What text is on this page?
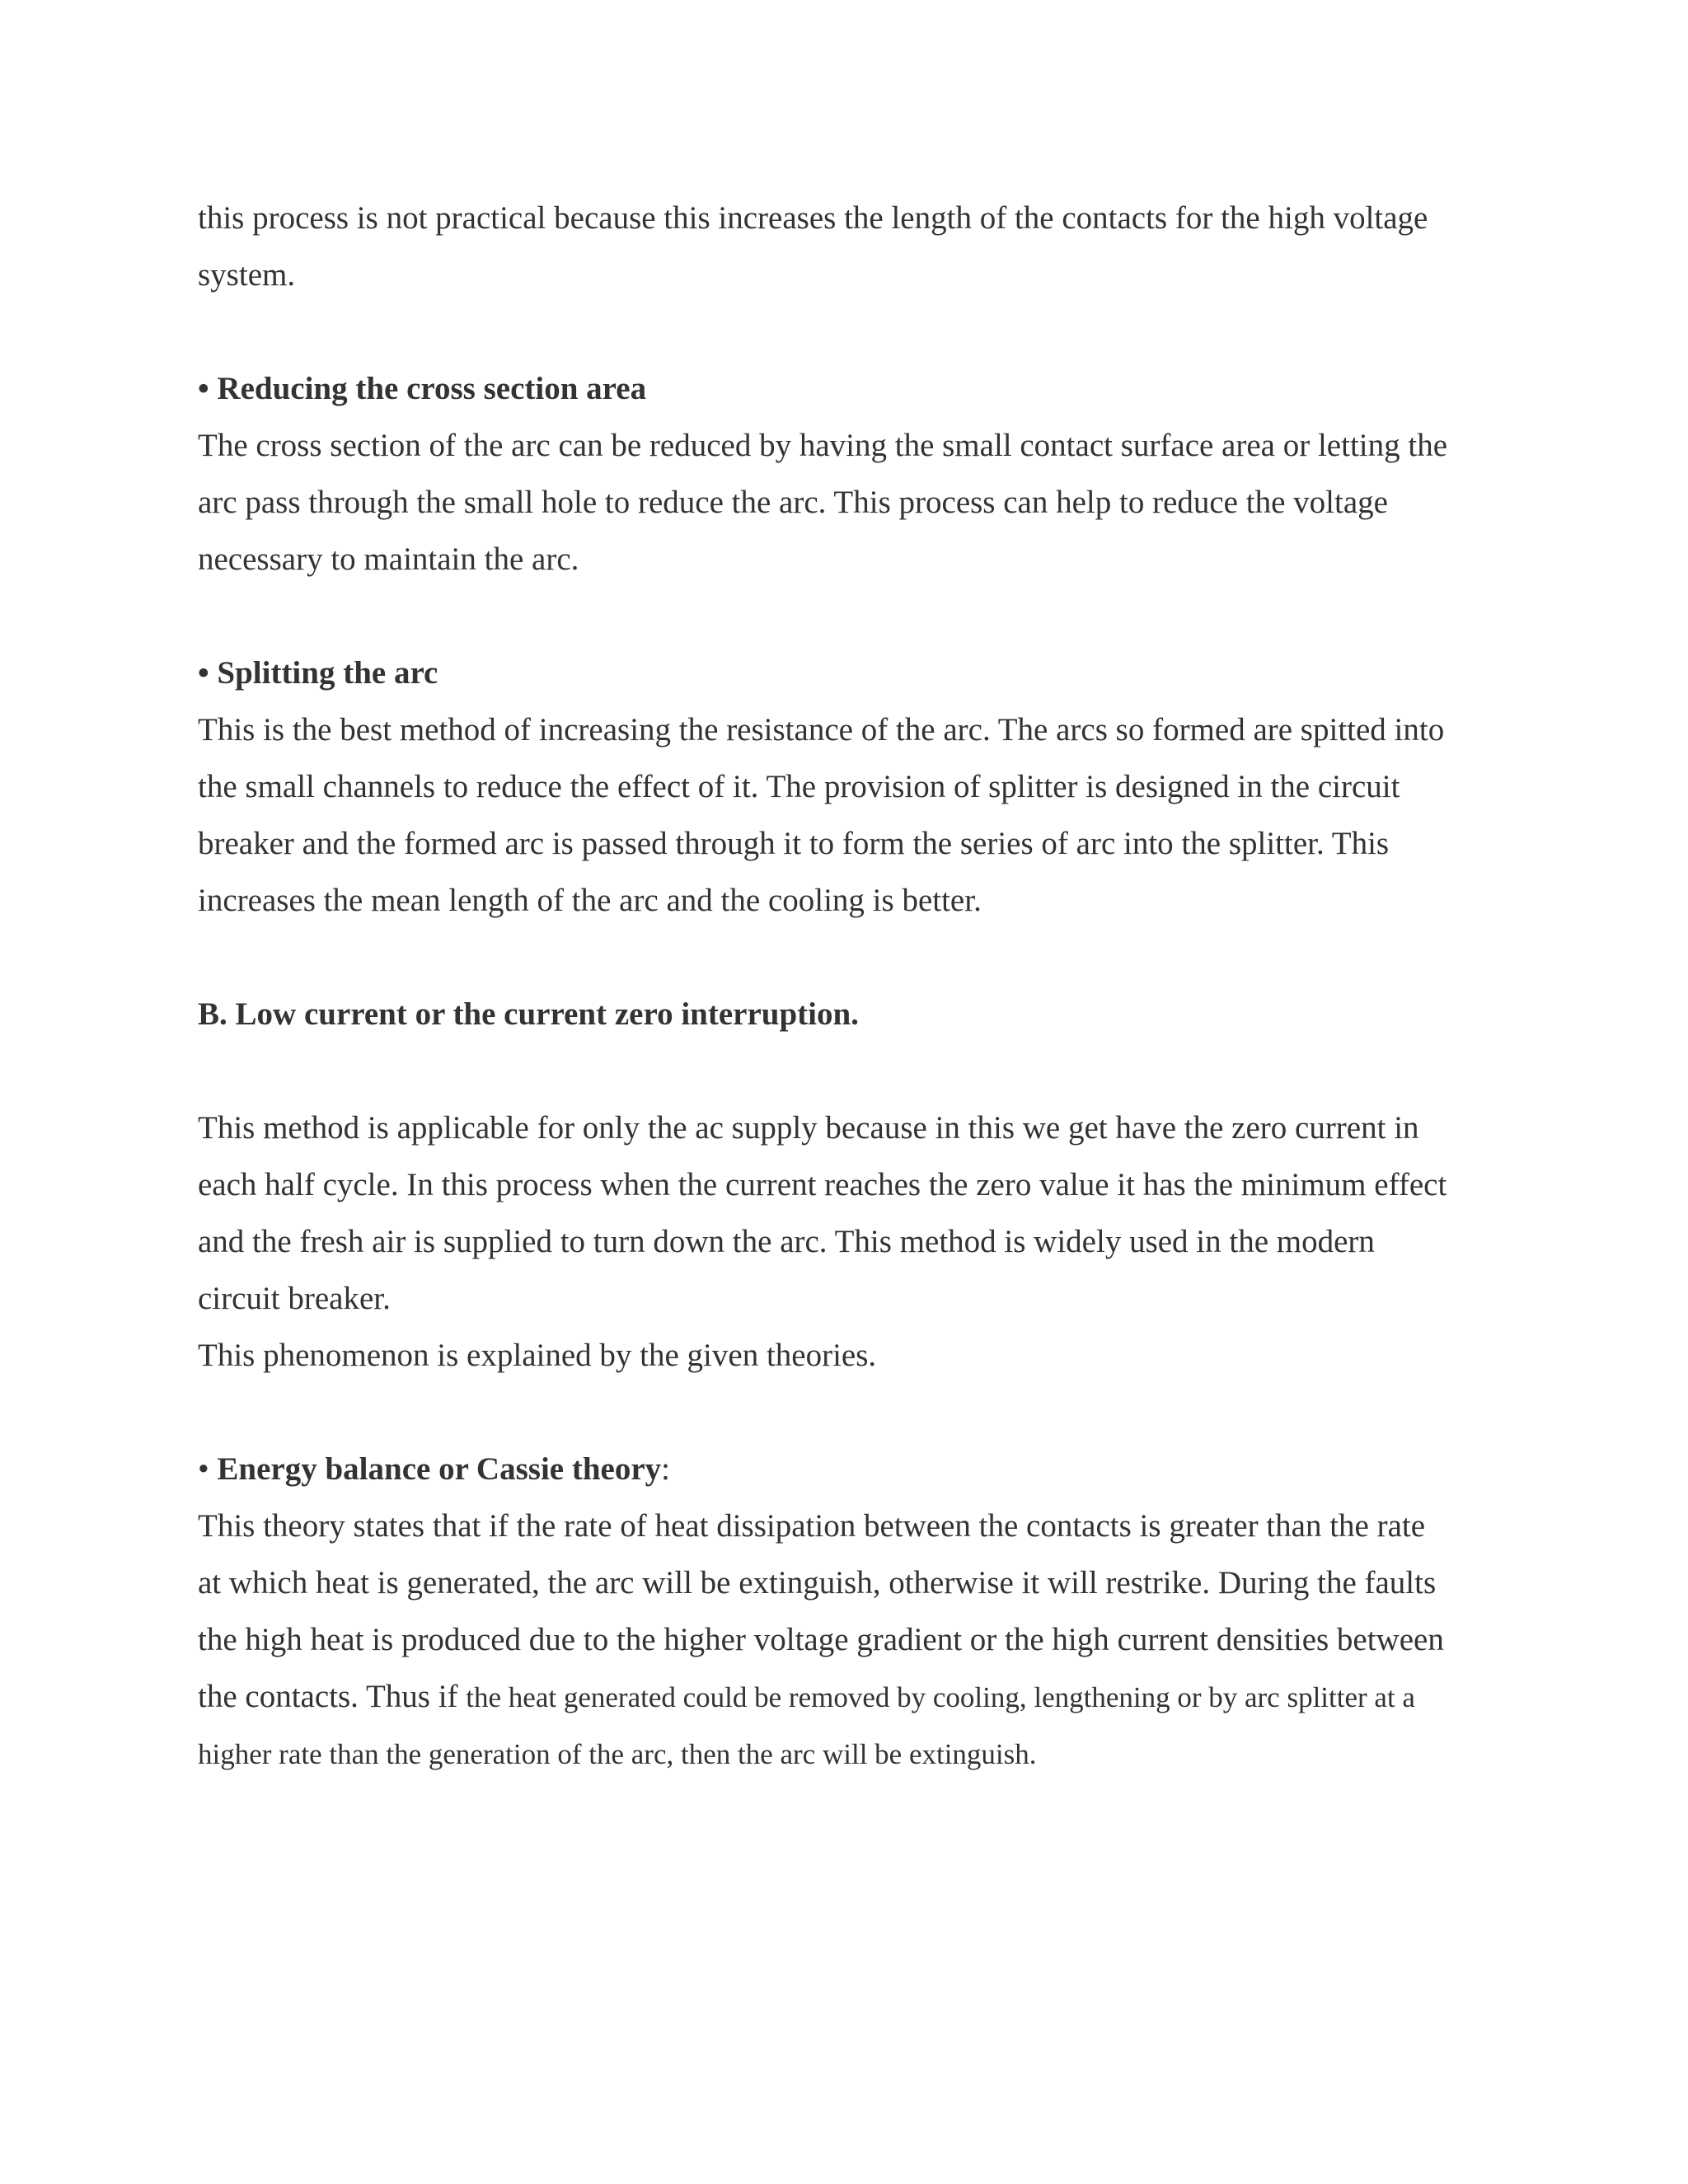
this process is not practical because this increases the length of the contacts for the high voltage
system.
• Reducing the cross section area
The cross section of the arc can be reduced by having the small contact surface area or letting the
arc pass through the small hole to reduce the arc. This process can help to reduce the voltage
necessary to maintain the arc.
• Splitting the arc
This is the best method of increasing the resistance of the arc. The arcs so formed are spitted into
the small channels to reduce the effect of it. The provision of splitter is designed in the circuit
breaker and the formed arc is passed through it to form the series of arc into the splitter. This
increases the mean length of the arc and the cooling is better.
B. Low current or the current zero interruption.
This method is applicable for only the ac supply because in this we get have the zero current in
each half cycle. In this process when the current reaches the zero value it has the minimum effect
and the fresh air is supplied to turn down the arc. This method is widely used in the modern
circuit breaker.
This phenomenon is explained by the given theories.
• Energy balance or Cassie theory:
This theory states that if the rate of heat dissipation between the contacts is greater than the rate
at which heat is generated, the arc will be extinguish, otherwise it will restrike. During the faults
the high heat is produced due to the higher voltage gradient or the high current densities between
the contacts. Thus if the heat generated could be removed by cooling, lengthening or by arc splitter at a
higher rate than the generation of the arc, then the arc will be extinguish.
